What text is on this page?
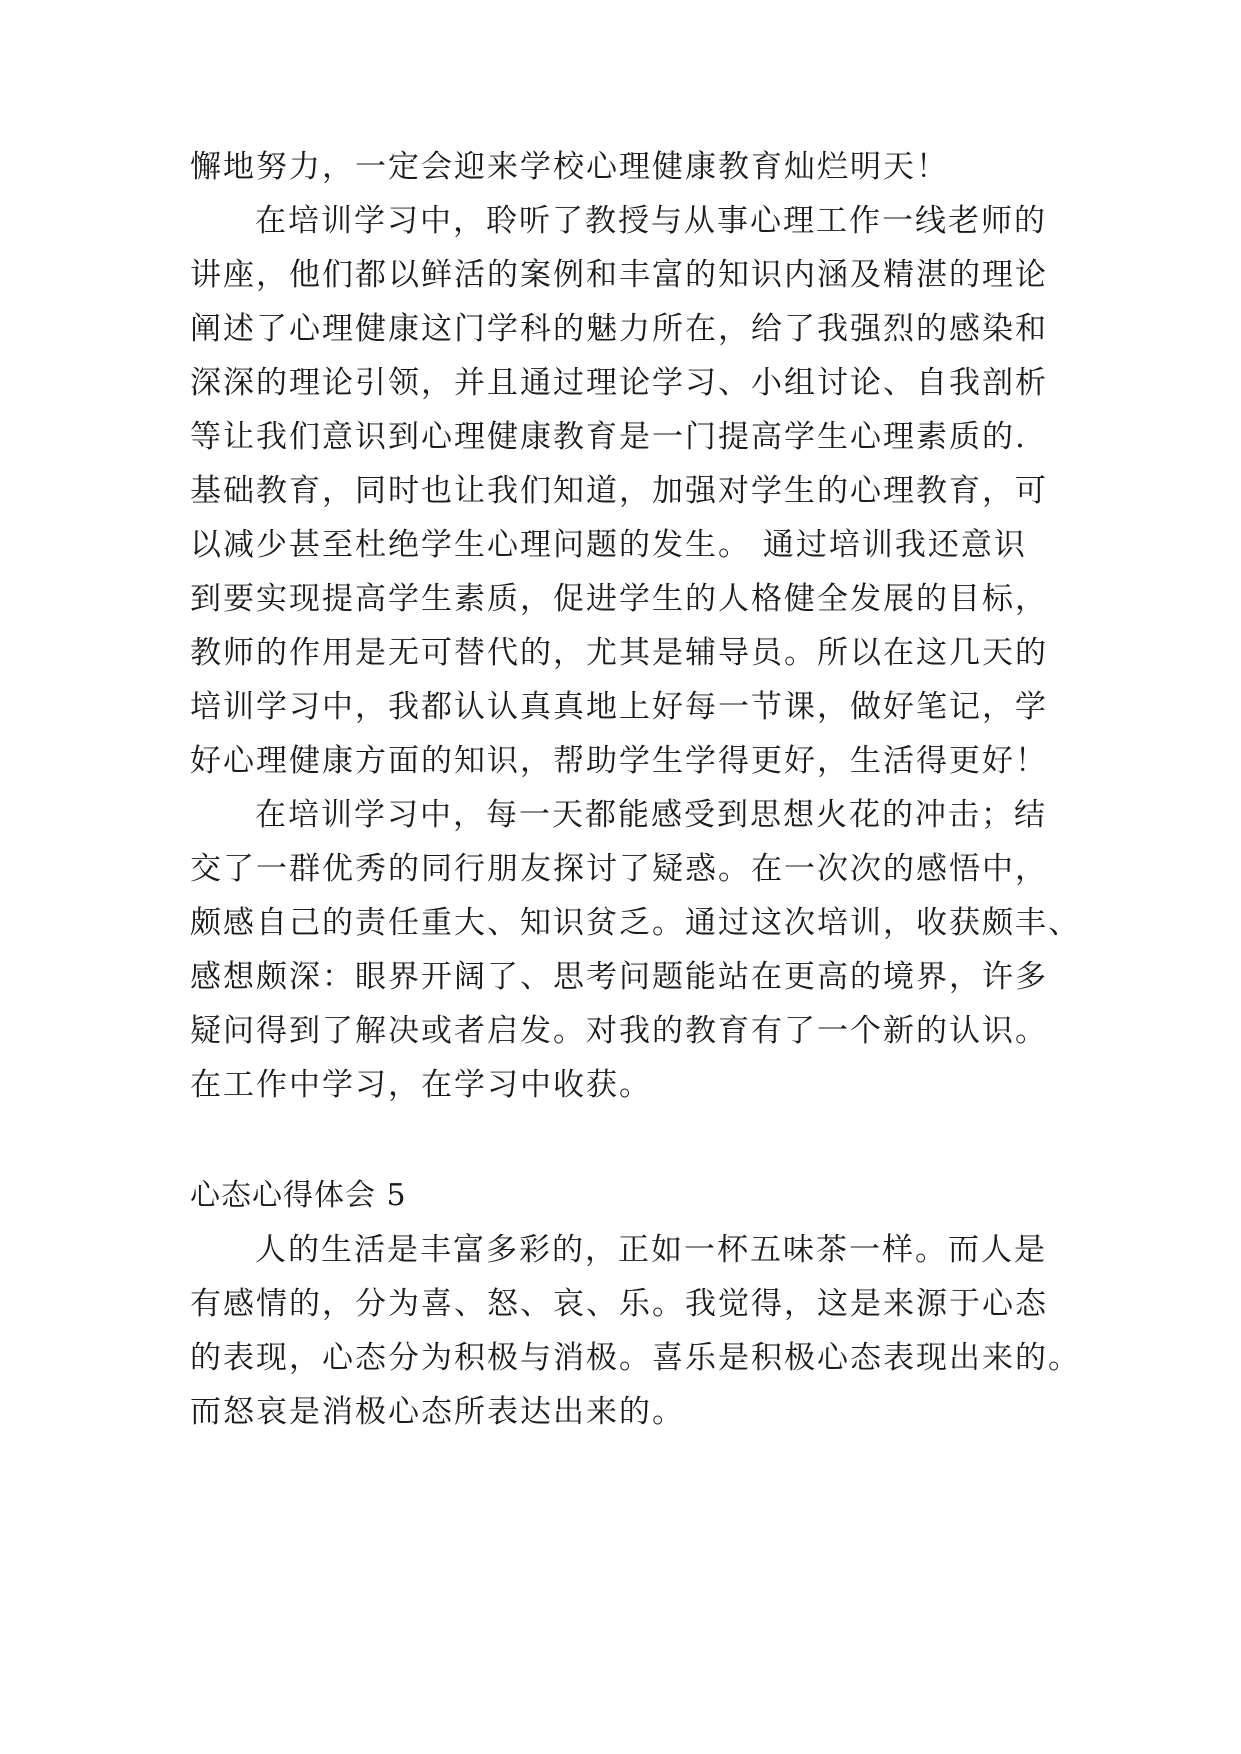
懈地努力，一定会迎来学校心理健康教育灿烂明天！
在培训学习中，聆听了教授与从事心理工作一线老师的
讲座，他们都以鲜活的案例和丰富的知识内涵及精湛的理论
阐述了心理健康这门学科的魅力所在，给了我强烈的感染和
深深的理论引领，并且通过理论学习、小组讨论、自我剖析
等让我们意识到心理健康教育是一门提高学生心理素质的.
基础教育，同时也让我们知道，加强对学生的心理教育，可
以减少甚至杜绝学生心理问题的发生。 通过培训我还意识
到要实现提高学生素质，促进学生的人格健全发展的目标，
教师的作用是无可替代的，尤其是辅导员。所以在这几天的
培训学习中，我都认认真真地上好每一节课，做好笔记，学
好心理健康方面的知识，帮助学生学得更好，生活得更好！
在培训学习中，每一天都能感受到思想火花的冲击；结
交了一群优秀的同行朋友探讨了疑惑。在一次次的感悟中，
颇感自己的责任重大、知识贫乏。通过这次培训，收获颇丰、
感想颇深：眼界开阔了、思考问题能站在更高的境界，许多
疑问得到了解决或者启发。对我的教育有了一个新的认识。
在工作中学习，在学习中收获。
心态心得体会 5
人的生活是丰富多彩的，正如一杯五味茶一样。而人是
有感情的，分为喜、怒、哀、乐。我觉得，这是来源于心态
的表现，心态分为积极与消极。喜乐是积极心态表现出来的。
而怒哀是消极心态所表达出来的。
